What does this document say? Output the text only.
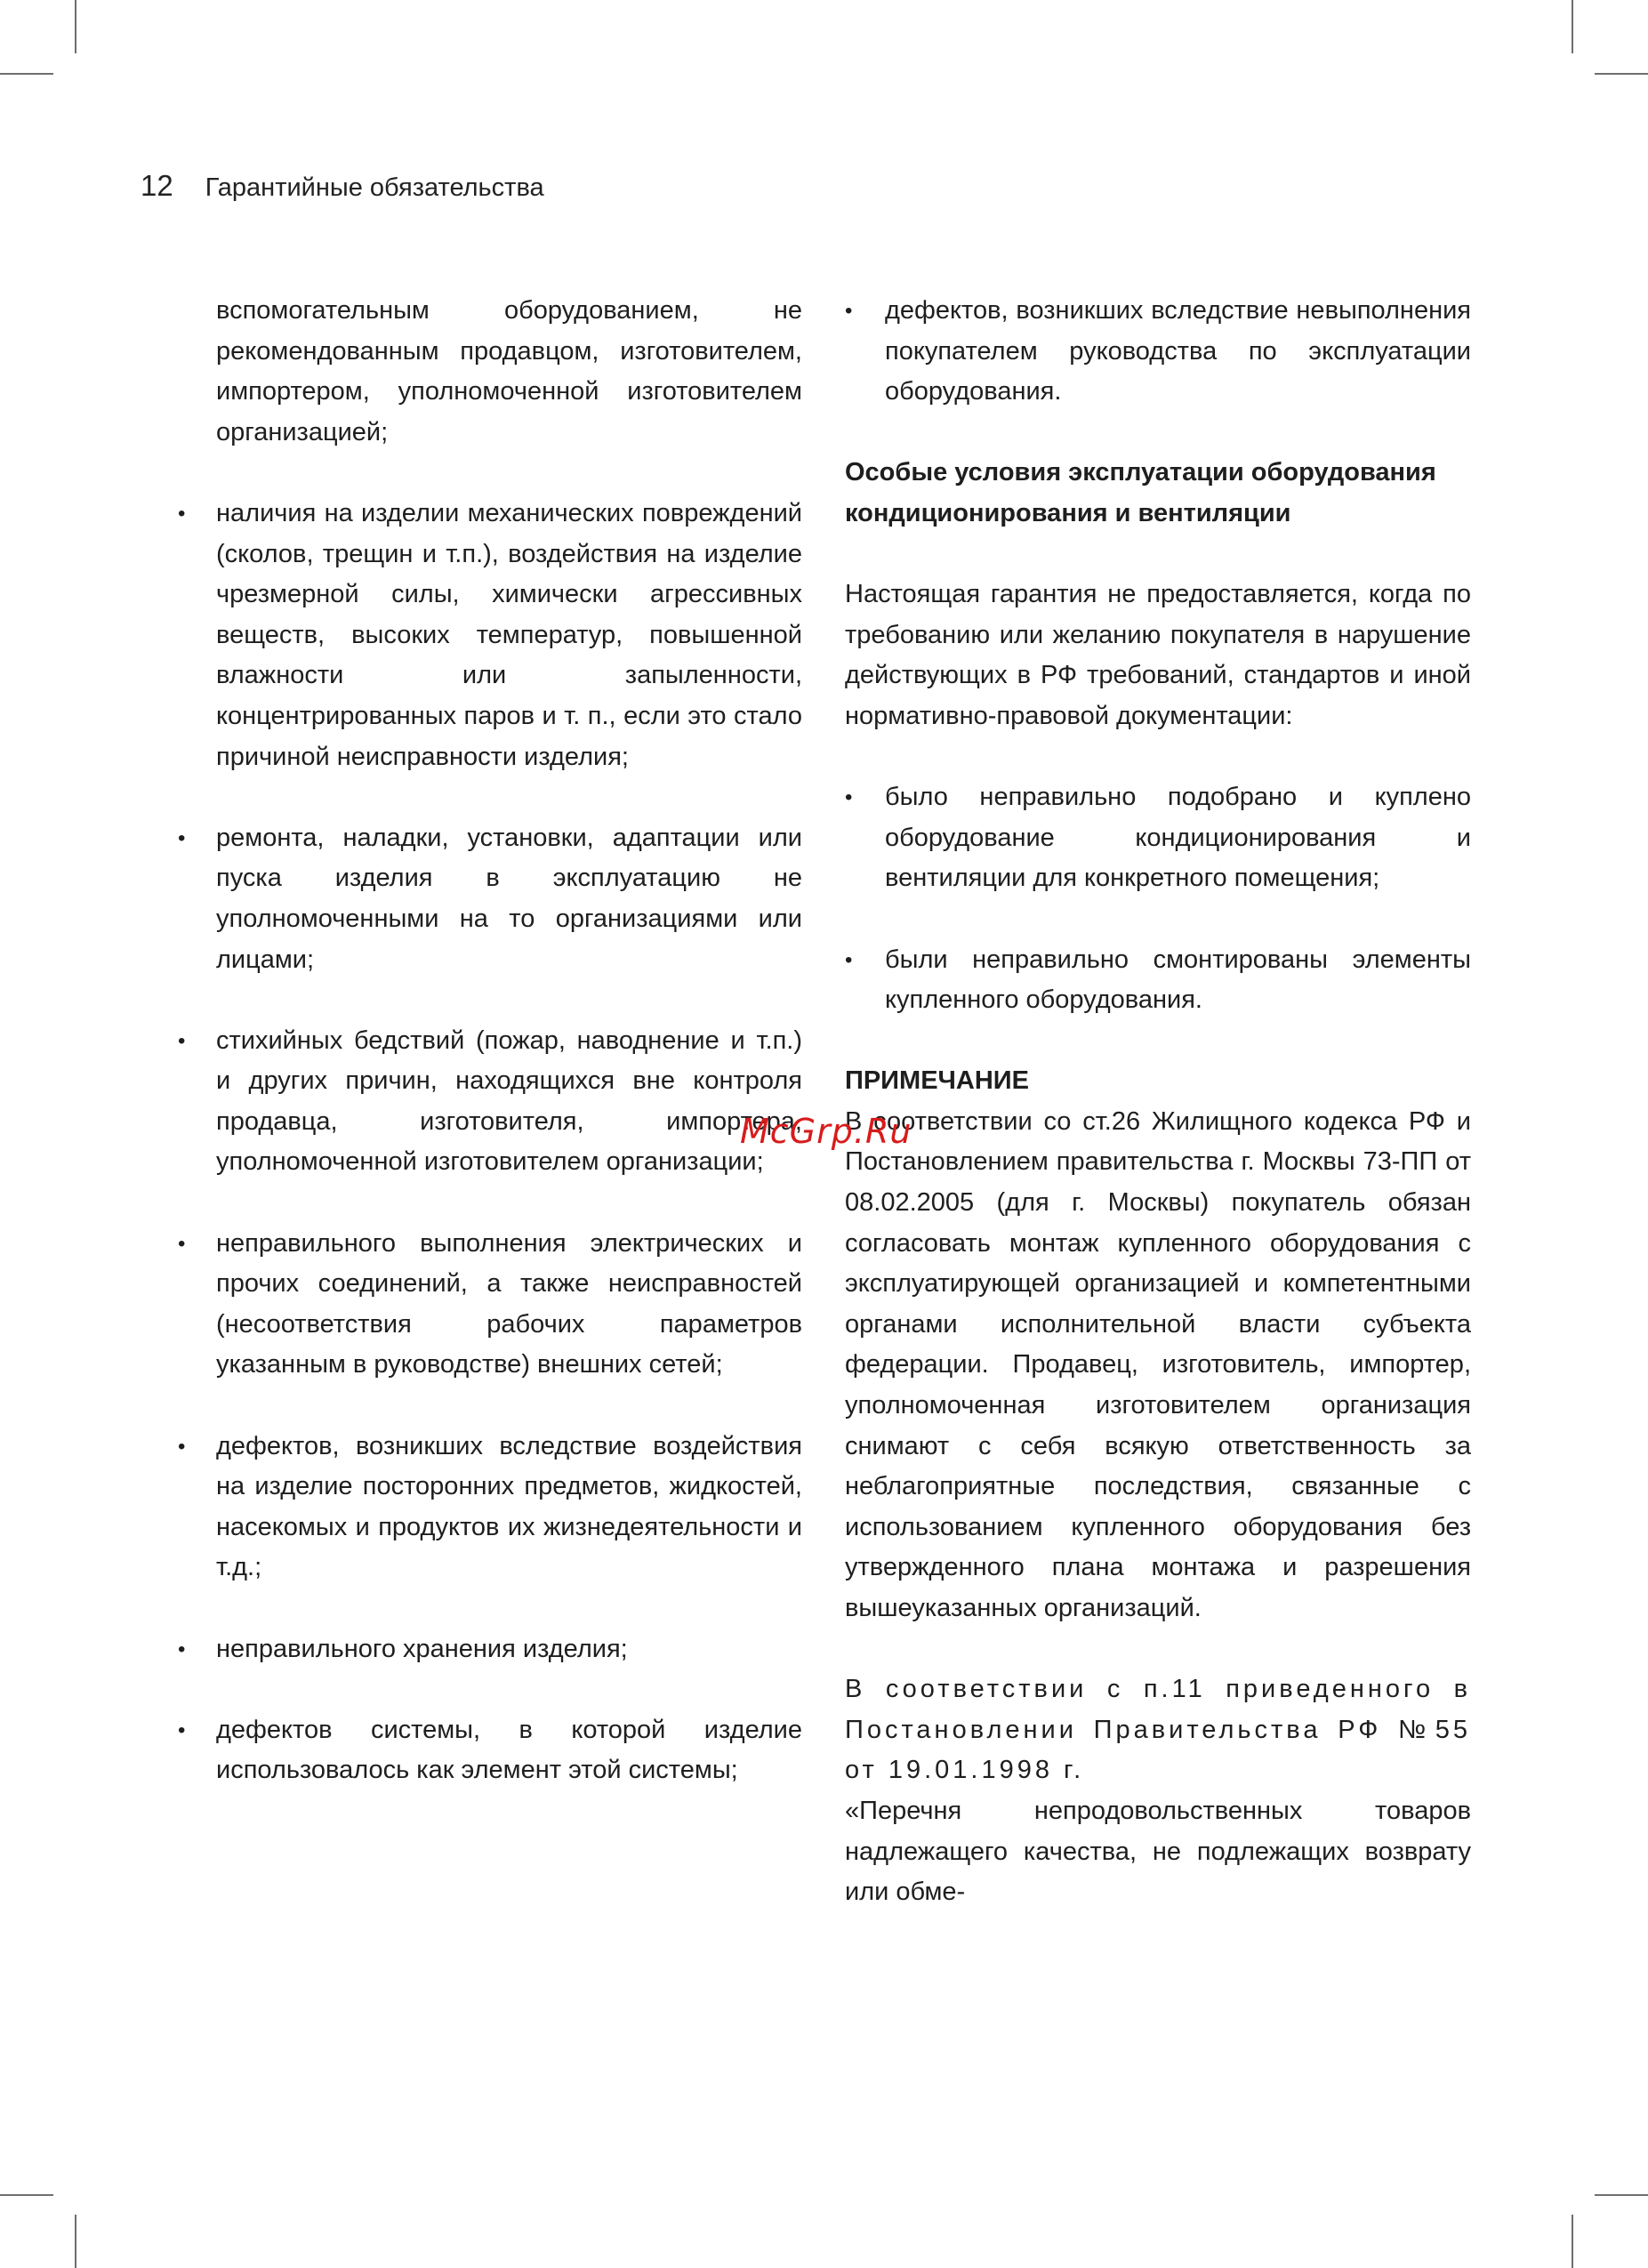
12 Гарантийные обязательства
вспомогательным оборудованием, не рекомендованным продавцом, изготовителем, импортером, уполномоченной изготовителем организацией;
• наличия на изделии механических повреждений (сколов, трещин и т.п.), воздействия на изделие чрезмерной силы, химически агрессивных веществ, высоких температур, повышенной влажности или запыленности, концентрированных паров и т. п., если это стало причиной неисправности изделия;
• ремонта, наладки, установки, адаптации или пуска изделия в эксплуатацию не уполномоченными на то организациями или лицами;
• стихийных бедствий (пожар, наводнение и т.п.) и других причин, находящихся вне контроля продавца, изготовителя, импортера, уполномоченной изготовителем организации;
• неправильного выполнения электрических и прочих соединений, а также неисправностей (несоответствия рабочих параметров указанным в руководстве) внешних сетей;
• дефектов, возникших вследствие воздействия на изделие посторонних предметов, жидкостей, насекомых и продуктов их жизнедеятельности и т.д.;
• неправильного хранения изделия;
• дефектов системы, в которой изделие использовалось как элемент этой системы;
• дефектов, возникших вследствие невыполнения покупателем руководства по эксплуатации оборудования.
Особые условия эксплуатации оборудования кондиционирования и вентиляции
Настоящая гарантия не предоставляется, когда по требованию или желанию покупателя в нарушение действующих в РФ требований, стандартов и иной нормативно-правовой документации:
• было неправильно подобрано и куплено оборудование кондиционирования и вентиляции для конкретного помещения;
• были неправильно смонтированы элементы купленного оборудования.
ПРИМЕЧАНИЕ
В соответствии со ст.26 Жилищного кодекса РФ и Постановлением правительства г. Москвы 73-ПП от 08.02.2005 (для г. Москвы) покупатель обязан согласовать монтаж купленного оборудования с эксплуатирующей организацией и компетентными органами исполнительной власти субъекта федерации. Продавец, изготовитель, импортер, уполномоченная изготовителем организация снимают с себя всякую ответственность за неблагоприятные последствия, связанные с использованием купленного оборудования без утвержденного плана монтажа и разрешения вышеуказанных организаций.
В соответствии с п.11 приведенного в Постановлении Правительства РФ №55 от 19.01.1998 г.
«Перечня непродовольственных товаров надлежащего качества, не подлежащих возврату или обме-
McGrp.Ru
